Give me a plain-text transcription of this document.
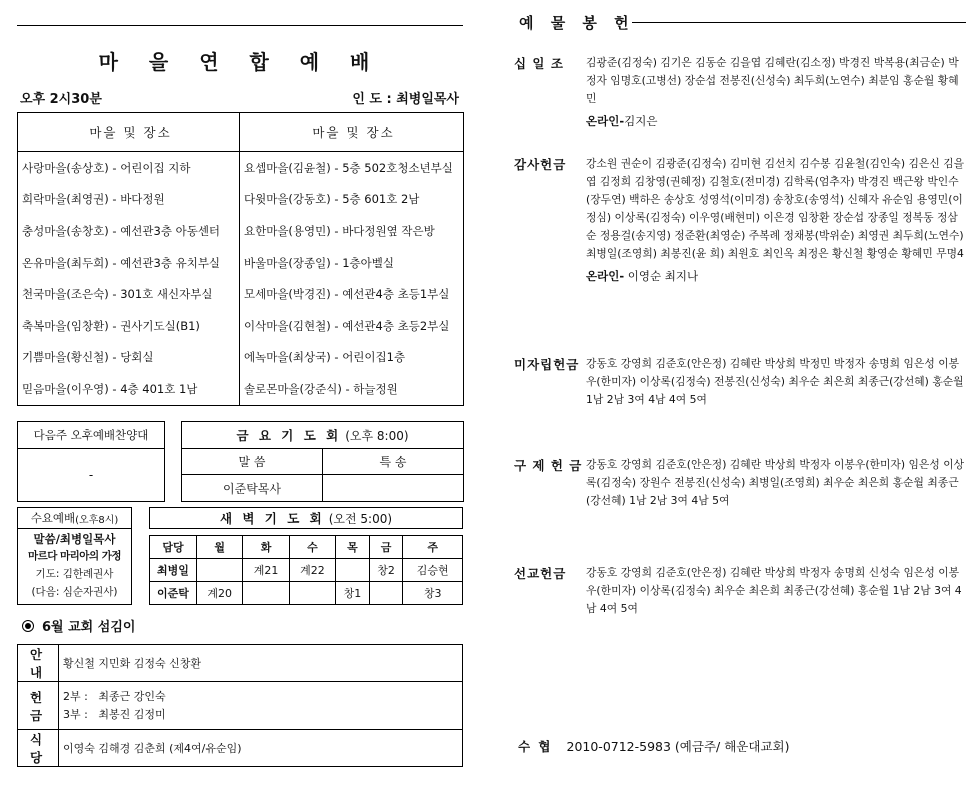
마 을 연 합 예 배
오후 2시30분	인 도 : 최병일목사
마을 및 장소	마을 및 장소
사랑마을(송상호) - 어린이집 지하	요셉마을(김윤철) - 5층 502호청소년부실
희락마을(최영권) - 바다정원	다윗마을(강동호) - 5층 601호 2남
충성마을(송창호) - 예선관3층 아동센터	요한마을(용영민) - 바다정원옆 작은방
온유마을(최두희) - 예선관3층 유치부실	바울마을(장종일) - 1층아벨실
천국마을(조은숙) - 301호 새신자부실	모세마을(박경진) - 예선관4층 초등1부실
축복마을(임창환) - 권사기도실(B1)	이삭마을(김현철) - 예선관4층 초등2부실
기쁨마을(황신철) - 당회실	에녹마을(최상국) - 어린이집1층
믿음마을(이우영) - 4층 401호 1남	솔로몬마을(강준식) - 하늘정원
다음주 오후예배찬양대
-
금 요 기 도 회 (오후 8:00)
말 씀	특 송
이준탁목사
수요예배 (오후8시)
말씀/최병일목사
마르다 마리아의 가정
기도: 김한례권사
(다음: 심순자권사)
새 벽 기 도 회 (오전 5:00)
담당	월	화	수	목	금	주
최병일		계21	계22		창2	김승현
이준탁	계20			창1		창3
6월 교회 섬김이
안 내	황신철 지민화 김정숙 신창환
헌 금	2부 :   최종근 강인숙
3부 :   최봉진 김정미

식 당	이영숙 김해경 김춘희 (제4여/유순임)
예 물 봉 헌
십 일 조 김광준(김정숙) 김기은 김동순 김을엽 김혜란(김소정) 박경진 박복용(최금순) 박정자 임명호(고병선) 장순섭 전봉진(신성숙) 최두희(노연수) 최분임 홍순월 황혜민
온라인-김지은
감사헌금 강소원 권순이 김광준(김정숙) 김미현 김선치 김수봉 김윤철(김인숙) 김은신 김을엽 김정희 김창영(권혜정) 김철호(전미경) 김학록(엄추자) 박경진 백근왕 박인수(장두연) 백하은 송상호 성영석(이미경) 송창호(송영석) 신혜자 유순임 용영민(이정심) 이상록(김정숙) 이우영(배현미) 이은경 임창환 장순섭 장종일 정복동 정삼순 정용걸(송지영) 정준환(최영순) 주복례 정채봉(박위순) 최영권 최두희(노연수) 최병일(조영희) 최봉진(윤 희) 최원호 최인옥 최정은 황신철 황영순 황혜민 무명4
온라인- 이영순 최지나
미자립헌금 강동호 강영희 김준호(안은정) 김혜란 박상희 박정민 박정자 송명희 임은성 이봉우(한미자) 이상록(김정숙) 전봉진(신성숙) 최우순 최은희 최종근(강선혜) 홍순월 1남 2남 3여 4남 4여 5여
구 제 헌 금 강동호 강영희 김준호(안은정) 김혜란 박상희 박정자 이봉우(한미자) 임은성 이상록(김정숙) 장원수 전봉진(신성숙) 최병일(조영희) 최우순 최은희 홍순월 최종근(강선혜) 1남 2남 3여 4남 5여
선교헌금 강동호 강영희 김준호(안은정) 김혜란 박상희 박정자 송명희 신성숙 임은성 이봉우(한미자) 이상록(김정숙) 최우순 최은희 최종근(강선혜) 홍순월 1남 2남 3여 4남 4여 5여
수 협 2010-0712-5983 (예금주/ 해운대교회)
